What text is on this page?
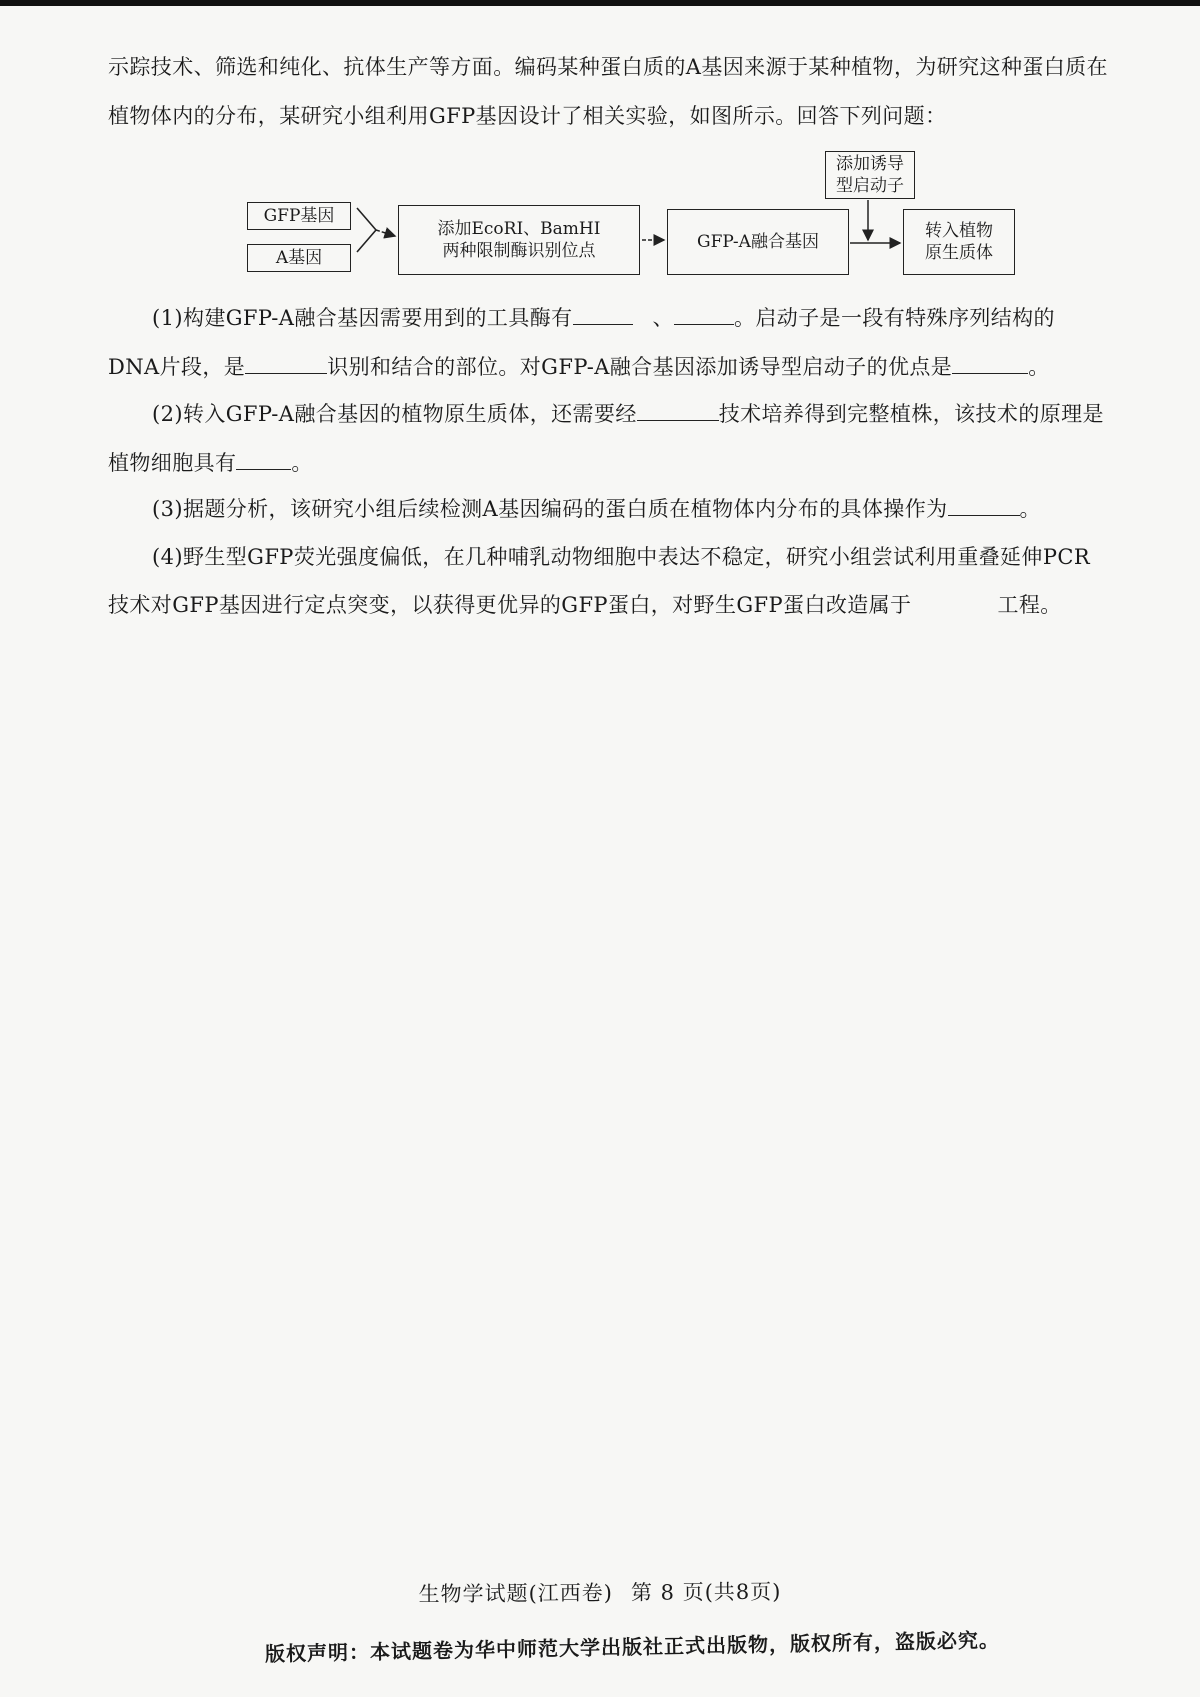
示踪技术、筛选和纯化、抗体生产等方面。编码某种蛋白质的A基因来源于某种植物，为研究这种蛋白质在
植物体内的分布，某研究小组利用GFP基因设计了相关实验，如图所示。回答下列问题：
GFP基因
A基因
添加EcoRⅠ、BamHⅠ
两种限制酶识别位点	GFP-A融合基因
添加诱导
型启动子
转入植物
原生质体
(1)构建GFP-A融合基因需要用到的工具酶有	、	。启动子是一段有特殊序列结构的
DNA片段，是	识别和结合的部位。对GFP-A融合基因添加诱导型启动子的优点是	。
(2)转入GFP-A融合基因的植物原生质体，还需要经	技术培养得到完整植株，该技术的原理是
植物细胞具有	。
(3)据题分析，该研究小组后续检测A基因编码的蛋白质在植物体内分布的具体操作为	。
(4)野生型GFP荧光强度偏低，在几种哺乳动物细胞中表达不稳定，研究小组尝试利用重叠延伸PCR
技术对GFP基因进行定点突变，以获得更优异的GFP蛋白，对野生GFP蛋白改造属于	工程。
生物学试题(江西卷) 第 8 页(共8页)
版权声明：本试题卷为华中师范大学出版社正式出版物，版权所有，盗版必究。
